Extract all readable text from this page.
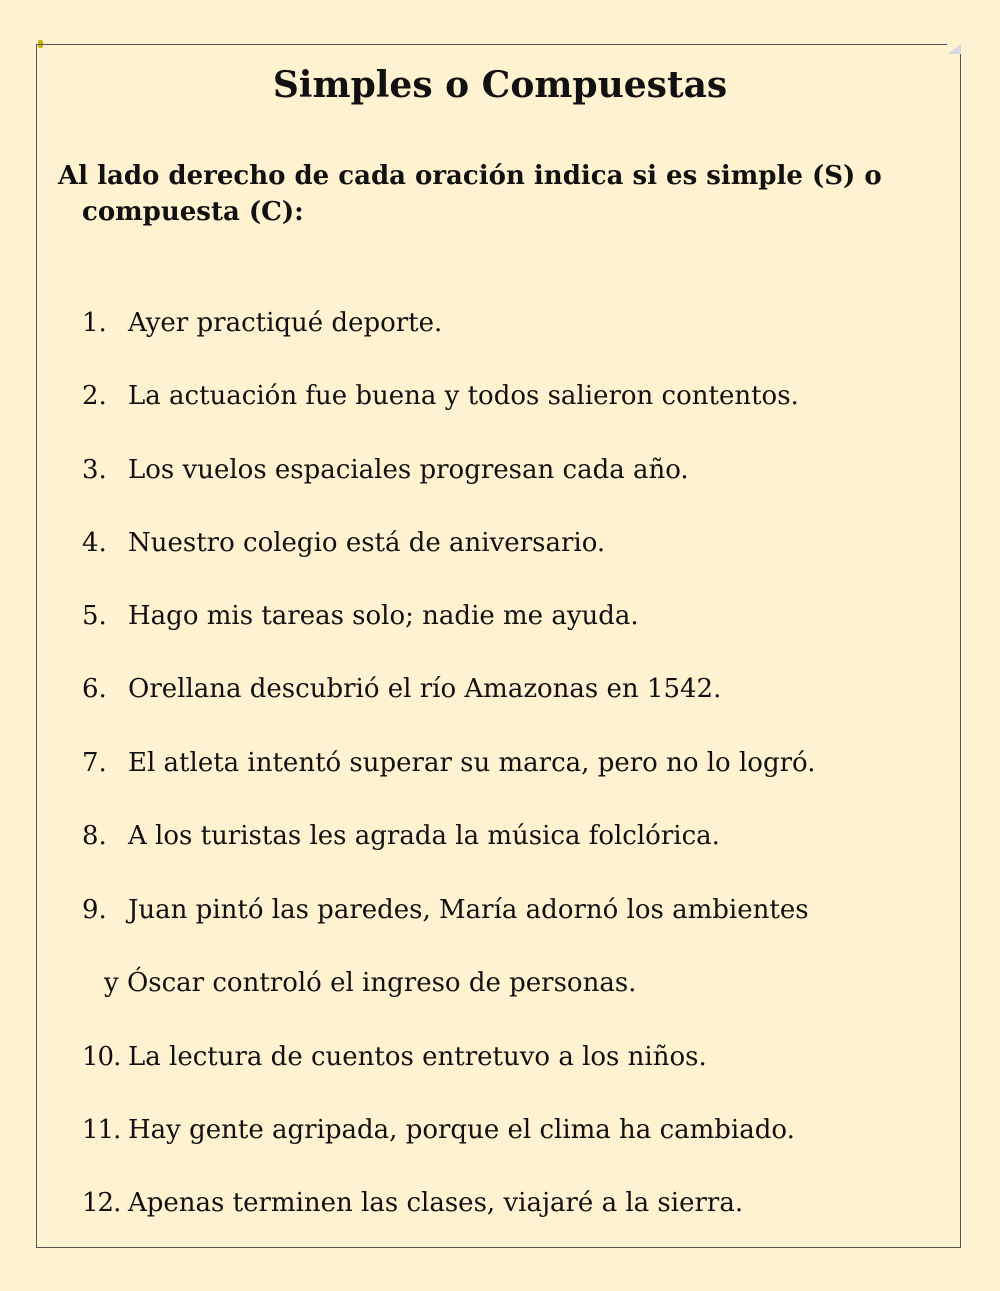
Simples o Compuestas

Al lado derecho de cada oración indica si es simple (S) o compuesta (C):

1. Ayer practiqué deporte.
2. La actuación fue buena y todos salieron contentos.
3. Los vuelos espaciales progresan cada año.
4. Nuestro colegio está de aniversario.
5. Hago mis tareas solo; nadie me ayuda.
6. Orellana descubrió el río Amazonas en 1542.
7. El atleta intentó superar su marca, pero no lo logró.
8. A los turistas les agrada la música folclórica.
9. Juan pintó las paredes, María adornó los ambientes
y Óscar controló el ingreso de personas.
10. La lectura de cuentos entretuvo a los niños.
11. Hay gente agripada, porque el clima ha cambiado.
12. Apenas terminen las clases, viajaré a la sierra.
